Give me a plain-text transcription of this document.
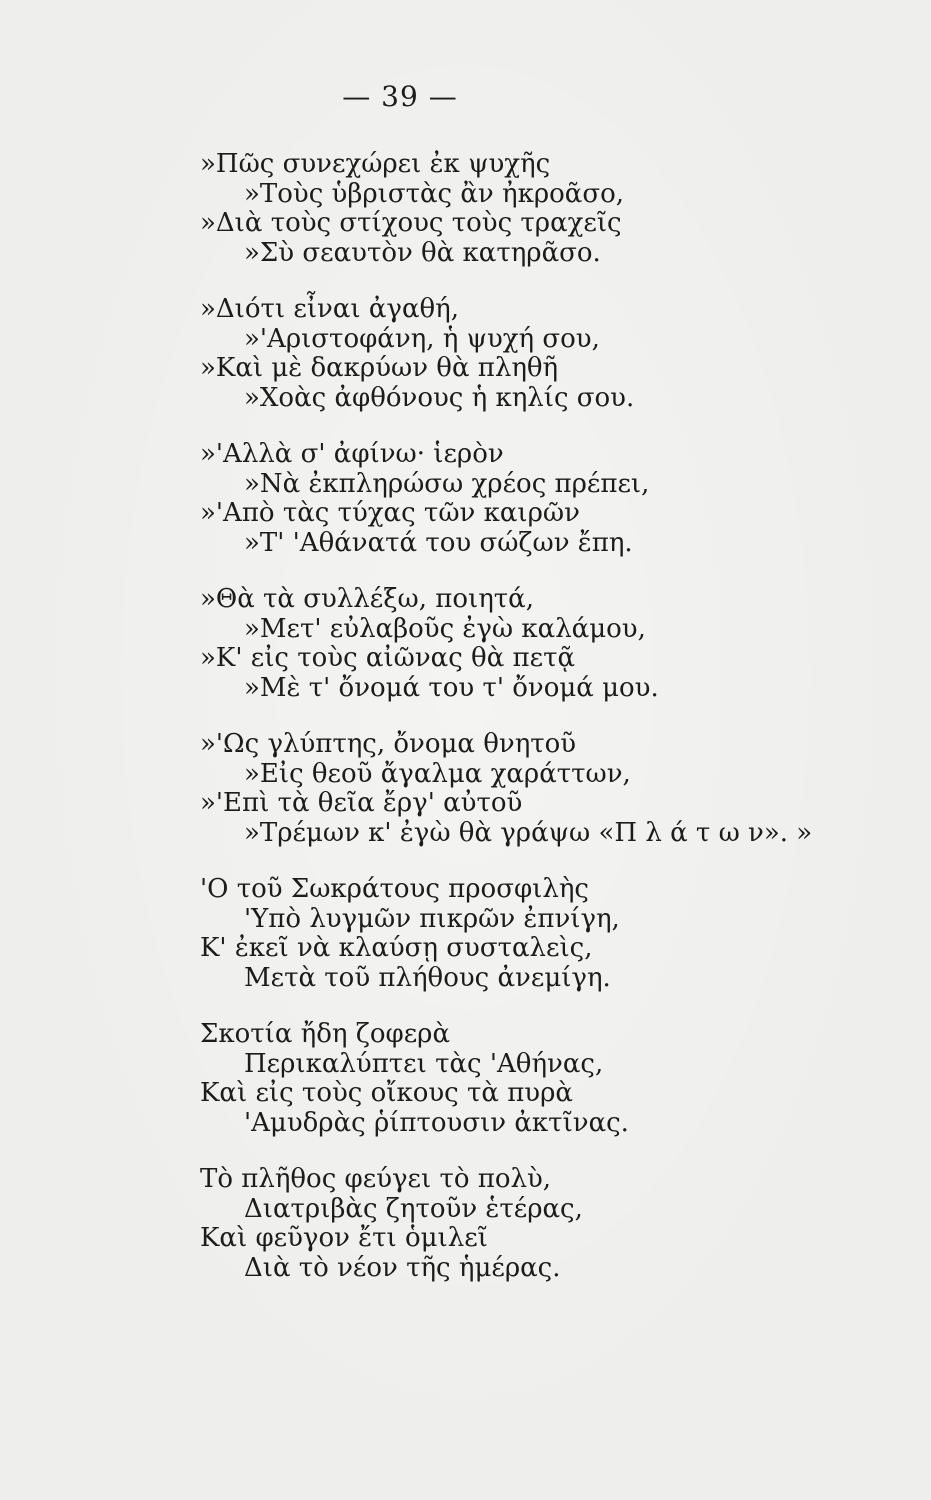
— 39 —
»Πῶς συνεχώρει ἐκ ψυχῆς
»Τοὺς ὑβριστὰς ἂν ἠκροᾶσο,
»Διὰ τοὺς στίχους τοὺς τραχεῖς
»Σὺ σεαυτὸν θὰ κατηρᾶσο.
»Διότι εἶναι ἀγαθή,
»'Αριστοφάνη, ἡ ψυχή σου,
»Καὶ μὲ δακρύων θὰ πληθῆ
»Χοὰς ἀφθόνους ἡ κηλίς σου.
»'Αλλὰ σ' ἀφίνω· ἱερὸν
»Νὰ ἐκπληρώσω χρέος πρέπει,
»'Απὸ τὰς τύχας τῶν καιρῶν
»Τ' 'Αθάνατά του σώζων ἔπη.
»Θὰ τὰ συλλέξω, ποιητά,
»Μετ' εὐλαβοῦς ἐγὼ καλάμου,
»Κ' εἰς τοὺς αἰῶνας θὰ πετᾷ
»Μὲ τ' ὄνομά του τ' ὄνομά μου.
»'Ως γλύπτης, ὄνομα θνητοῦ
»Εἰς θεοῦ ἄγαλμα χαράττων,
»'Επὶ τὰ θεῖα ἔργ' αὐτοῦ
»Τρέμων κ' ἐγὼ θὰ γράψω «Π λ ά τ ω ν». »
'Ο τοῦ Σωκράτους προσφιλὴς
'Υπὸ λυγμῶν πικρῶν ἐπνίγη,
Κ' ἐκεῖ νὰ κλαύσῃ συσταλεὶς,
Μετὰ τοῦ πλήθους ἀνεμίγη.
Σκοτία ἤδη ζοφερὰ
Περικαλύπτει τὰς 'Αθήνας,
Καὶ εἰς τοὺς οἴκους τὰ πυρὰ
'Αμυδρὰς ῥίπτουσιν ἀκτῖνας.
Τὸ πλῆθος φεύγει τὸ πολὺ,
Διατριβὰς ζητοῦν ἑτέρας,
Καὶ φεῦγον ἔτι ὁμιλεῖ
Διὰ τὸ νέον τῆς ἡμέρας.
